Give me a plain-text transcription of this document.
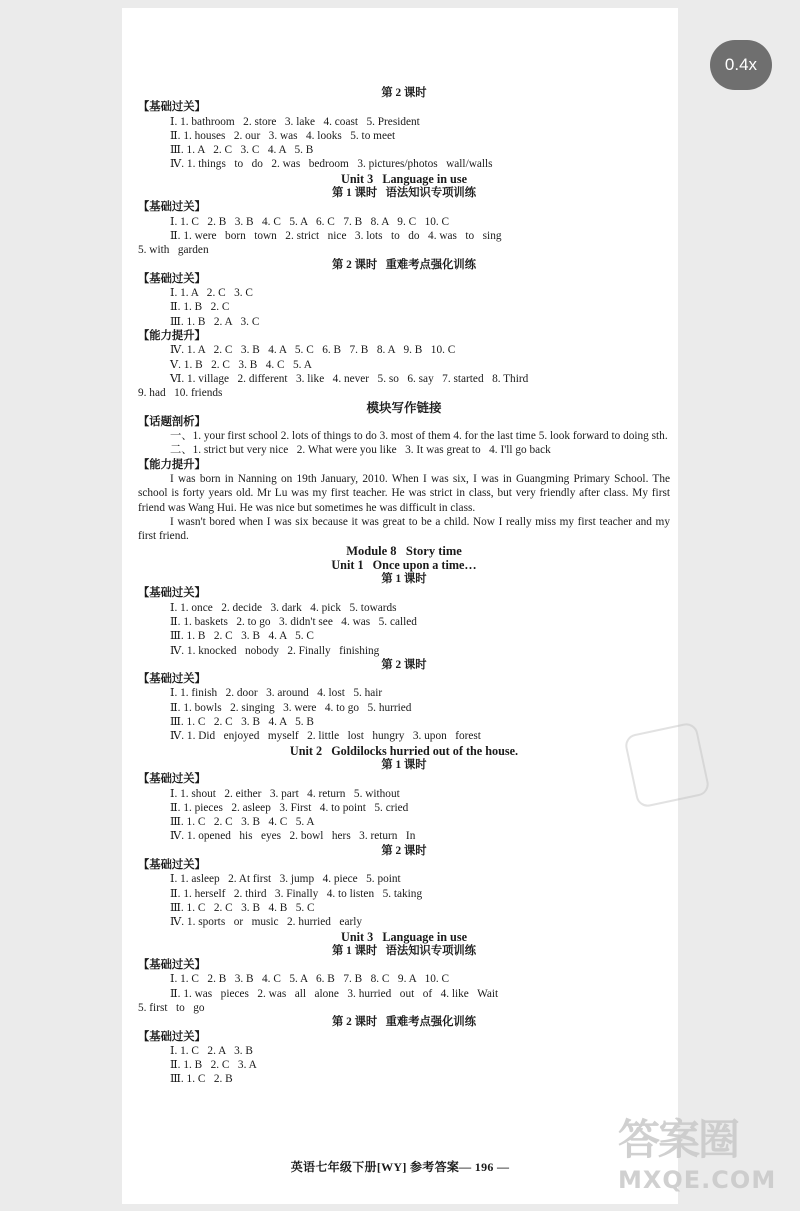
0.4x
第 2 课时
【基础过关】
Ⅰ. 1. bathroom   2. store   3. lake   4. coast   5. President
Ⅱ. 1. houses   2. our   3. was   4. looks   5. to meet
Ⅲ. 1. A   2. C   3. C   4. A   5. B
Ⅳ. 1. things   to   do   2. was   bedroom   3. pictures/photos   wall/walls
Unit 3   Language in use
第 1 课时   语法知识专项训练
【基础过关】
Ⅰ. 1. C   2. B   3. B   4. C   5. A   6. C   7. B   8. A   9. C   10. C
Ⅱ. 1. were   born   town   2. strict   nice   3. lots   to   do   4. was   to   sing
5. with   garden
第 2 课时   重难考点强化训练
【基础过关】
Ⅰ. 1. A   2. C   3. C
Ⅱ. 1. B   2. C
Ⅲ. 1. B   2. A   3. C
【能力提升】
Ⅳ. 1. A   2. C   3. B   4. A   5. C   6. B   7. B   8. A   9. B   10. C
Ⅴ. 1. B   2. C   3. B   4. C   5. A
Ⅵ. 1. village   2. different   3. like   4. never   5. so   6. say   7. started   8. Third
9. had   10. friends
模块写作链接
【话题剖析】
一、1. your first school 2. lots of things to do 3. most of them 4. for the last time 5. look forward to doing sth.
二、1. strict but very nice   2. What were you like   3. It was great to   4. I'll go back
【能力提升】
I was born in Nanning on 19th January, 2010. When I was six, I was in Guangming Primary School. The school is forty years old. Mr Lu was my first teacher. He was strict in class, but very friendly after class. My first friend was Wang Hui. He was nice but sometimes he was difficult in class.
I wasn't bored when I was six because it was great to be a child. Now I really miss my first teacher and my first friend.
Module 8   Story time
Unit 1   Once upon a time…
第 1 课时
【基础过关】
Ⅰ. 1. once   2. decide   3. dark   4. pick   5. towards
Ⅱ. 1. baskets   2. to go   3. didn't see   4. was   5. called
Ⅲ. 1. B   2. C   3. B   4. A   5. C
Ⅳ. 1. knocked   nobody   2. Finally   finishing
第 2 课时
【基础过关】
Ⅰ. 1. finish   2. door   3. around   4. lost   5. hair
Ⅱ. 1. bowls   2. singing   3. were   4. to go   5. hurried
Ⅲ. 1. C   2. C   3. B   4. A   5. B
Ⅳ. 1. Did   enjoyed   myself   2. little   lost   hungry   3. upon   forest
Unit 2   Goldilocks hurried out of the house.
第 1 课时
【基础过关】
Ⅰ. 1. shout   2. either   3. part   4. return   5. without
Ⅱ. 1. pieces   2. asleep   3. First   4. to point   5. cried
Ⅲ. 1. C   2. C   3. B   4. C   5. A
Ⅳ. 1. opened   his   eyes   2. bowl   hers   3. return   In
第 2 课时
【基础过关】
Ⅰ. 1. asleep   2. At first   3. jump   4. piece   5. point
Ⅱ. 1. herself   2. third   3. Finally   4. to listen   5. taking
Ⅲ. 1. C   2. C   3. B   4. B   5. C
Ⅳ. 1. sports   or   music   2. hurried   early
Unit 3   Language in use
第 1 课时   语法知识专项训练
【基础过关】
Ⅰ. 1. C   2. B   3. B   4. C   5. A   6. B   7. B   8. C   9. A   10. C
Ⅱ. 1. was   pieces   2. was   all   alone   3. hurried   out   of   4. like   Wait
5. first   to   go
第 2 课时   重难考点强化训练
【基础过关】
Ⅰ. 1. C   2. A   3. B
Ⅱ. 1. B   2. C   3. A
Ⅲ. 1. C   2. B
英语七年级下册[WY] 参考答案— 196 —
答案圈
MXQE.COM
